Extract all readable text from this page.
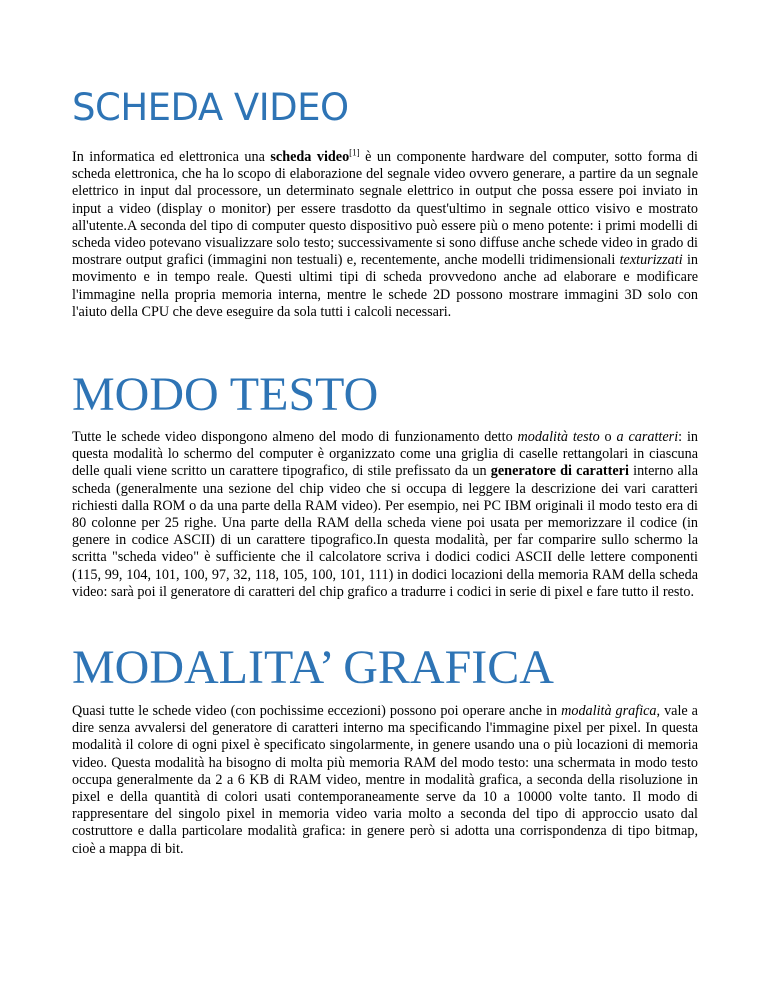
SCHEDA VIDEO

In informatica ed elettronica una scheda video[1] è un componente hardware del computer, sotto forma di scheda elettronica, che ha lo scopo di elaborazione del segnale video ovvero generare, a partire da un segnale elettrico in input dal processore, un determinato segnale elettrico in output che possa essere poi inviato in input a video (display o monitor) per essere trasdotto da quest'ultimo in segnale ottico visivo e mostrato all'utente.A seconda del tipo di computer questo dispositivo può essere più o meno potente: i primi modelli di scheda video potevano visualizzare solo testo; successivamente si sono diffuse anche schede video in grado di mostrare output grafici (immagini non testuali) e, recentemente, anche modelli tridimensionali texturizzati in movimento e in tempo reale. Questi ultimi tipi di scheda provvedono anche ad elaborare e modificare l'immagine nella propria memoria interna, mentre le schede 2D possono mostrare immagini 3D solo con l'aiuto della CPU che deve eseguire da sola tutti i calcoli necessari.

MODO TESTO

Tutte le schede video dispongono almeno del modo di funzionamento detto modalità testo o a caratteri: in questa modalità lo schermo del computer è organizzato come una griglia di caselle rettangolari in ciascuna delle quali viene scritto un carattere tipografico, di stile prefissato da un generatore di caratteri interno alla scheda (generalmente una sezione del chip video che si occupa di leggere la descrizione dei vari caratteri richiesti dalla ROM o da una parte della RAM video). Per esempio, nei PC IBM originali il modo testo era di 80 colonne per 25 righe. Una parte della RAM della scheda viene poi usata per memorizzare il codice (in genere in codice ASCII) di un carattere tipografico.In questa modalità, per far comparire sullo schermo la scritta "scheda video" è sufficiente che il calcolatore scriva i dodici codici ASCII delle lettere componenti (115, 99, 104, 101, 100, 97, 32, 118, 105, 100, 101, 111) in dodici locazioni della memoria RAM della scheda video: sarà poi il generatore di caratteri del chip grafico a tradurre i codici in serie di pixel e fare tutto il resto.

MODALITA’ GRAFICA

Quasi tutte le schede video (con pochissime eccezioni) possono poi operare anche in modalità grafica, vale a dire senza avvalersi del generatore di caratteri interno ma specificando l'immagine pixel per pixel. In questa modalità il colore di ogni pixel è specificato singolarmente, in genere usando una o più locazioni di memoria video. Questa modalità ha bisogno di molta più memoria RAM del modo testo: una schermata in modo testo occupa generalmente da 2 a 6 KB di RAM video, mentre in modalità grafica, a seconda della risoluzione in pixel e della quantità di colori usati contemporaneamente serve da 10 a 10000 volte tanto. Il modo di rappresentare del singolo pixel in memoria video varia molto a seconda del tipo di approccio usato dal costruttore e dalla particolare modalità grafica: in genere però si adotta una corrispondenza di tipo bitmap, cioè a mappa di bit.
